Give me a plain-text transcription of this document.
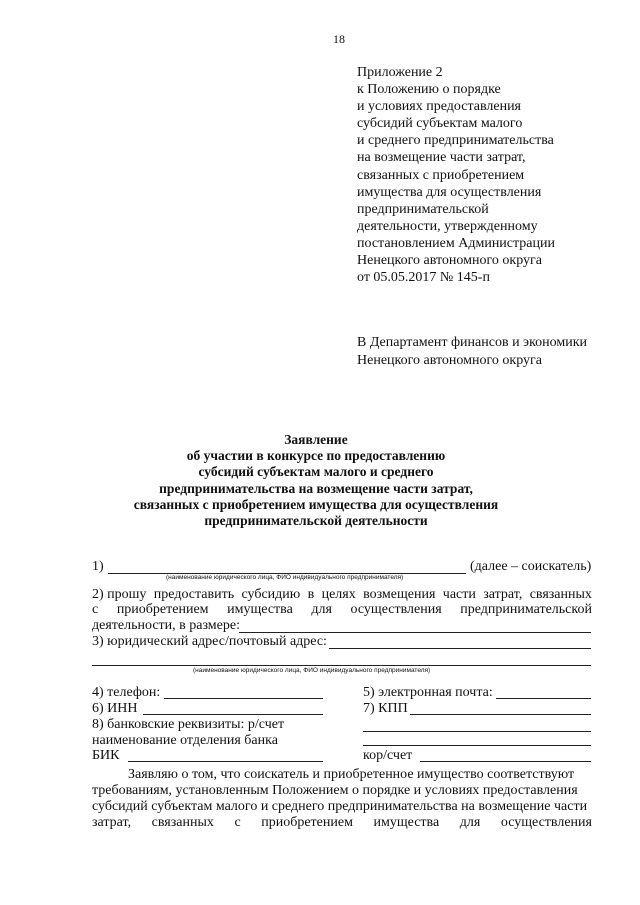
18
Приложение 2
к Положению о порядке
и условиях предоставления
субсидий субъектам малого
и среднего предпринимательства
на возмещение части затрат,
связанных с приобретением
имущества для осуществления
предпринимательской
деятельности, утвержденному
постановлением Администрации
Ненецкого автономного округа
от 05.05.2017 № 145-п
В Департамент финансов и экономики
Ненецкого автономного округа
Заявление
об участии в конкурсе по предоставлению
субсидий субъектам малого и среднего
предпринимательства на возмещение части затрат,
связанных с приобретением имущества для осуществления
предпринимательской деятельности
1)	(далее – соискатель)
(наименование юридического лица, ФИО индивидуального предпринимателя)
2) прошу предоставить субсидию в целях возмещения части затрат, связанных
с приобретением имущества для осуществления предпринимательской
деятельности, в размере:
3) юридический адрес/почтовый адрес:
(наименование юридического лица, ФИО индивидуального предпринимателя)
4) телефон:	5) электронная почта:
6) ИНН	7) КПП
8) банковские реквизиты: р/счет
наименование отделения банка
БИК	кор/счет
Заявляю о том, что соискатель и приобретенное имущество соответствуют
требованиям, установленным Положением о порядке и условиях предоставления
субсидий субъектам малого и среднего предпринимательства на возмещение части
затрат, связанных с приобретением имущества для осуществления
